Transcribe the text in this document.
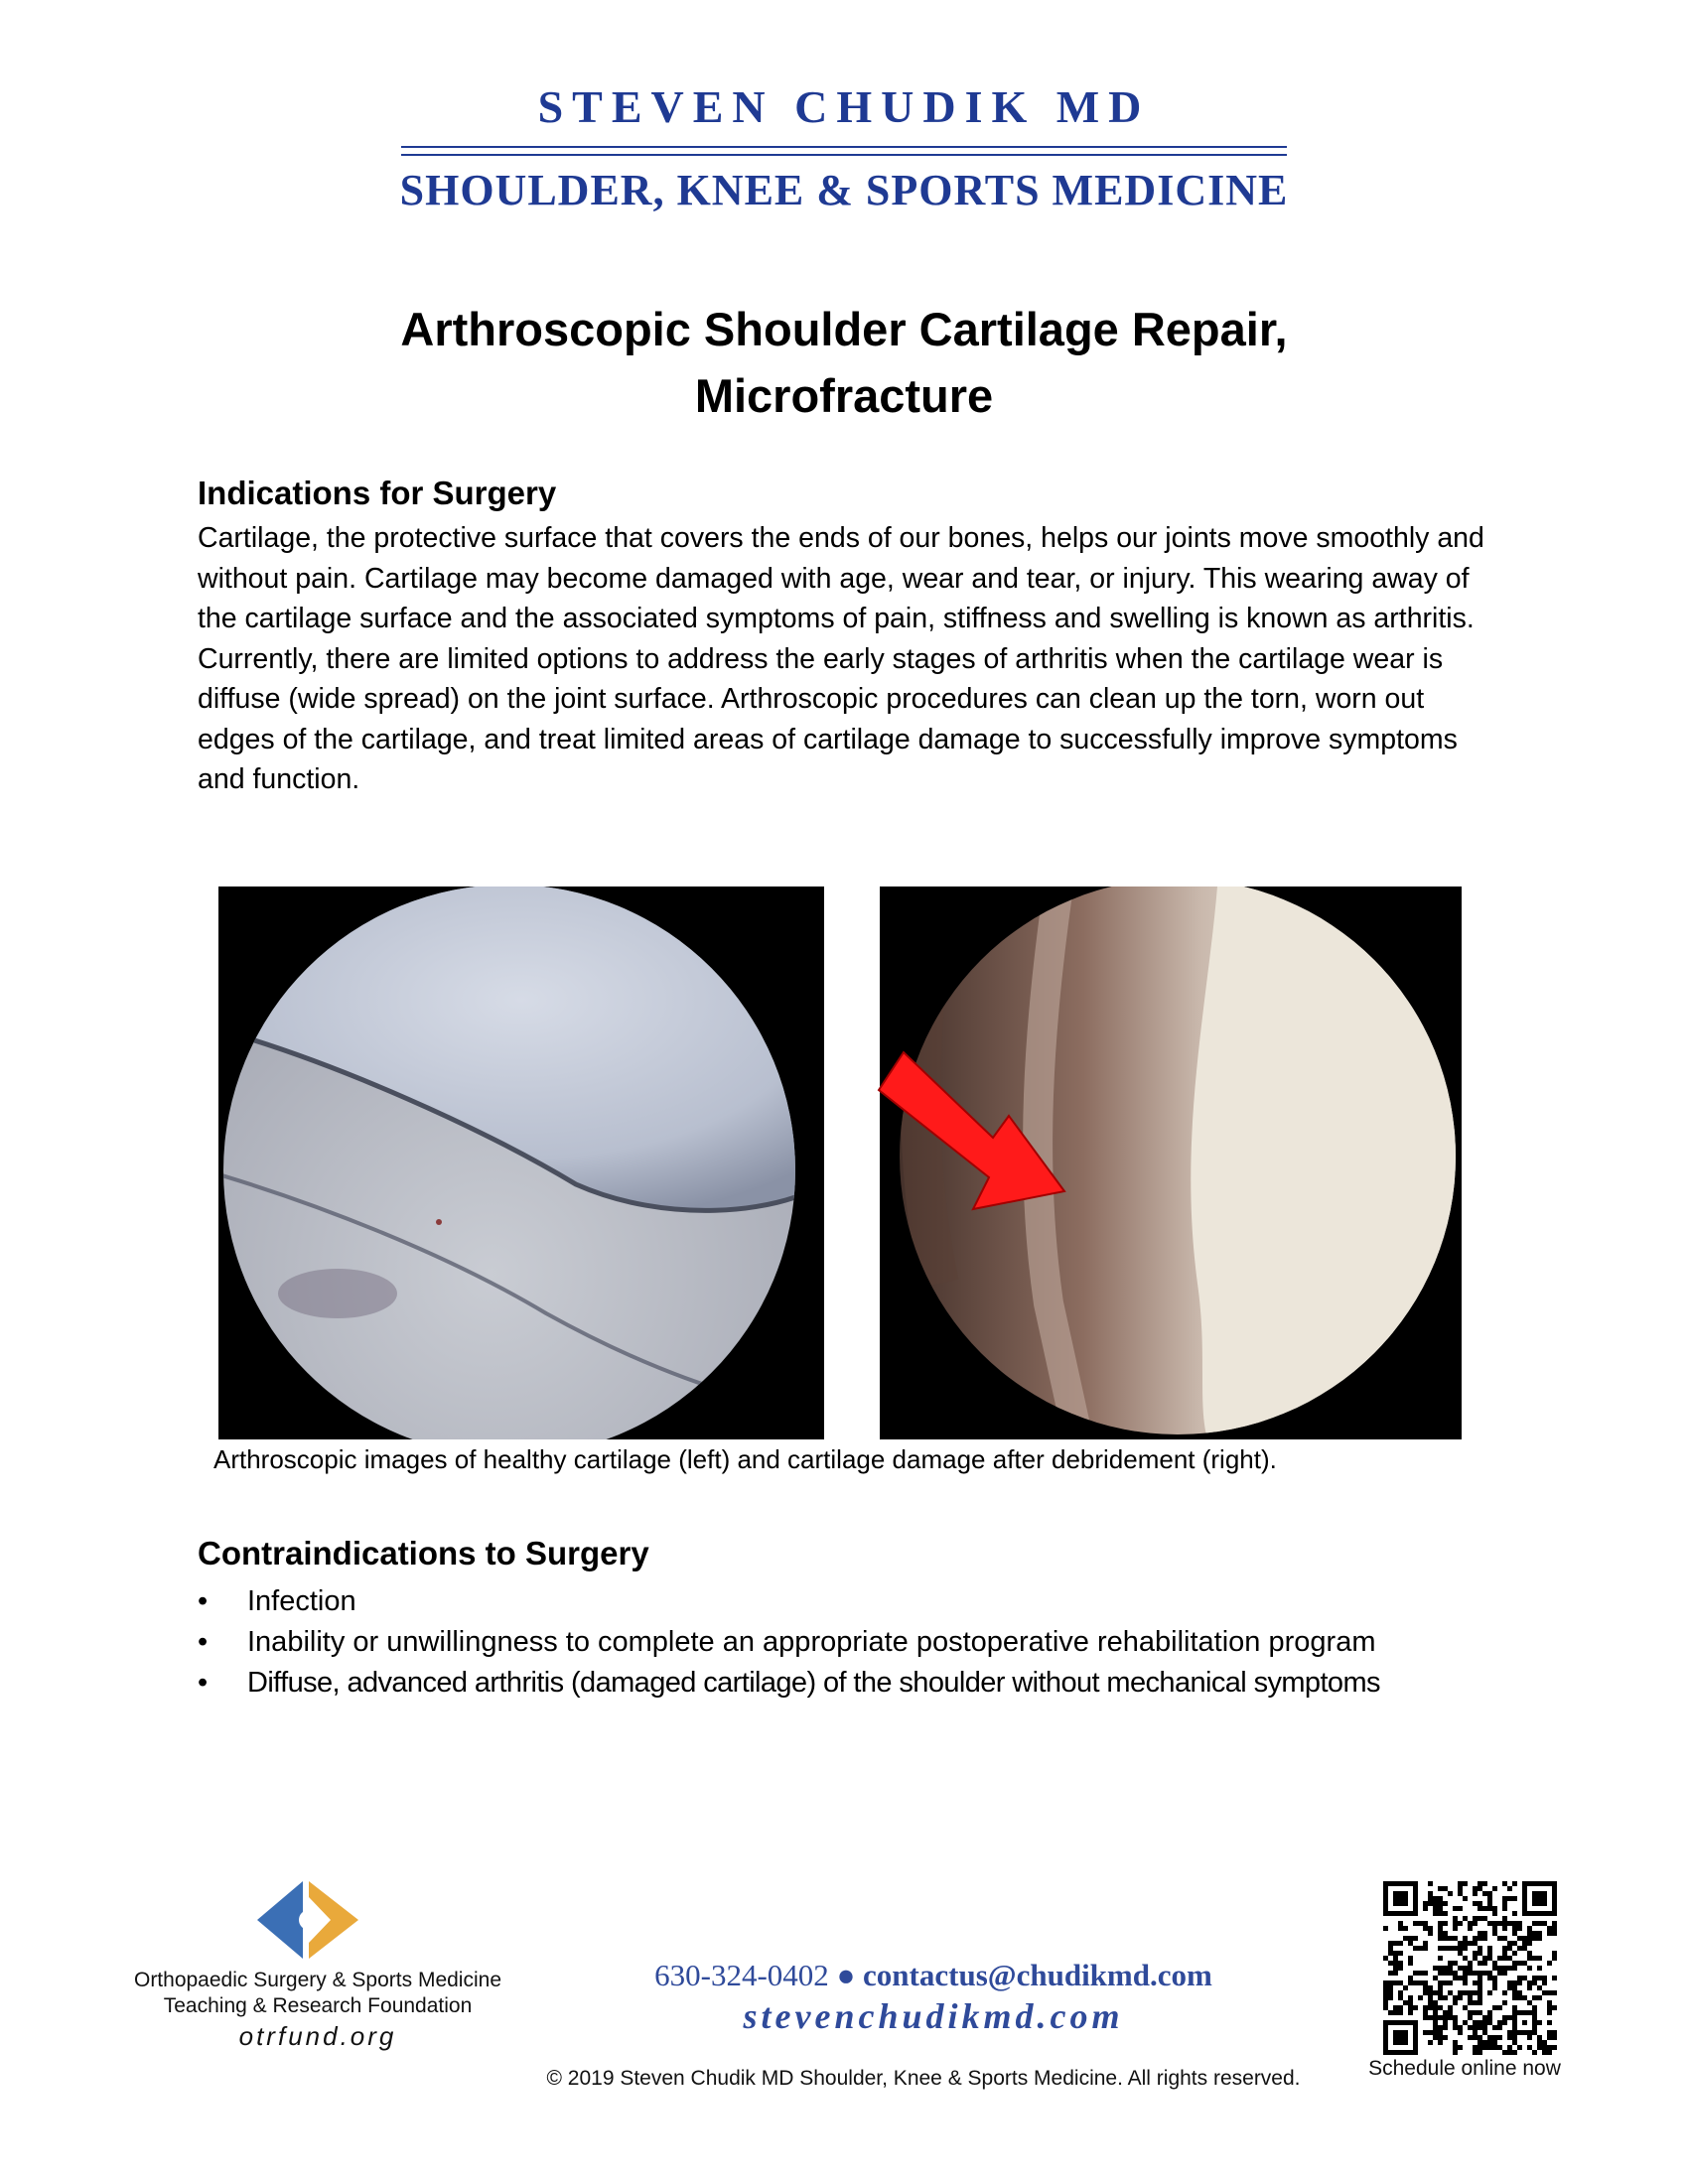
STEVEN CHUDIK MD
SHOULDER, KNEE & SPORTS MEDICINE
Arthroscopic Shoulder Cartilage Repair,
Microfracture
Indications for Surgery

Cartilage, the protective surface that covers the ends of our bones, helps our joints move smoothly and without pain. Cartilage may become damaged with age, wear and tear, or injury. This wearing away of the cartilage surface and the associated symptoms of pain, stiffness and swelling is known as arthritis. Currently, there are limited options to address the early stages of arthritis when the cartilage wear is diffuse (wide spread) on the joint surface. Arthroscopic procedures can clean up the torn, worn out edges of the cartilage, and treat limited areas of cartilage damage to successfully improve symptoms and function.

Arthroscopic images of healthy cartilage (left) and cartilage damage after debridement (right).
Contraindications to Surgery
• Infection
• Inability or unwillingness to complete an appropriate postoperative rehabilitation program
• Diffuse, advanced arthritis (damaged cartilage) of the shoulder without mechanical symptoms
Orthopaedic Surgery & Sports Medicine
Teaching & Research Foundation
otrfund.org
630-324-0402 ● contactus@chudikmd.com
stevenchudikmd.com
© 2019 Steven Chudik MD Shoulder, Knee & Sports Medicine. All rights reserved.	Schedule online now
